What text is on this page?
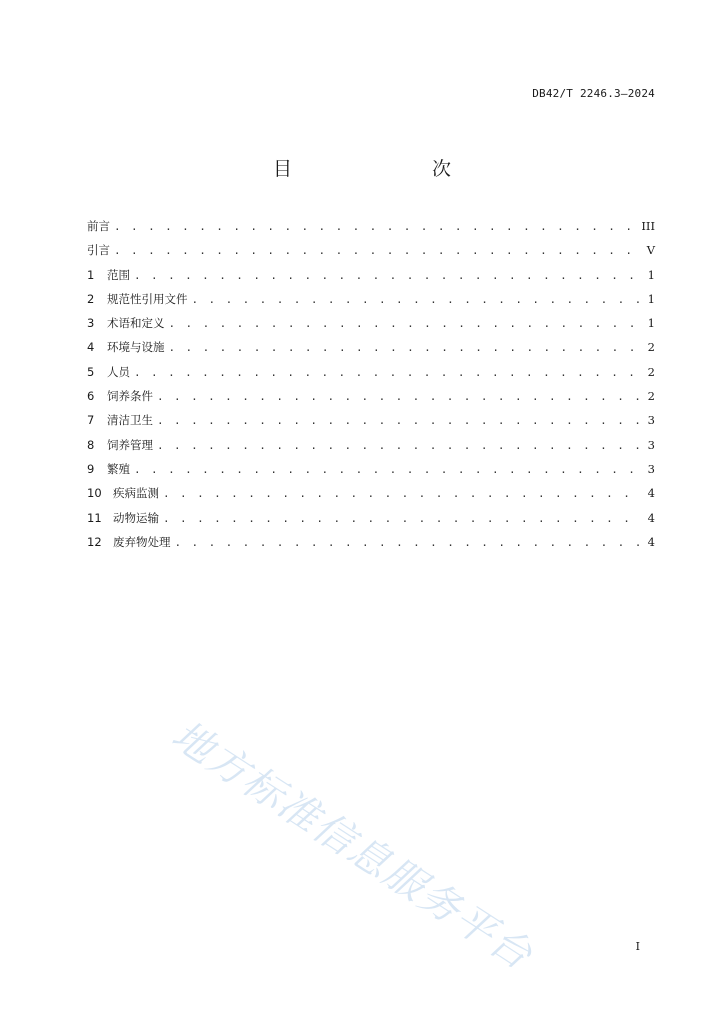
DB42/T 2246.3—2024
目　　次
前言 . . .	III
引言 . . .	V
1	范围 . . .	1
2	规范性引用文件 . . .	1
3	术语和定义 . . .	1
4	环境与设施 . . .	2
5	人员 . . .	2
6	饲养条件 . . .	2
7	清洁卫生 . . .	3
8	饲养管理 . . .	3
9	繁殖 . . .	3
10 疾病监测 . . .	4
11 动物运输 . . .	4
12 废弃物处理 . . .	4
地方标准信息服务平台	I
